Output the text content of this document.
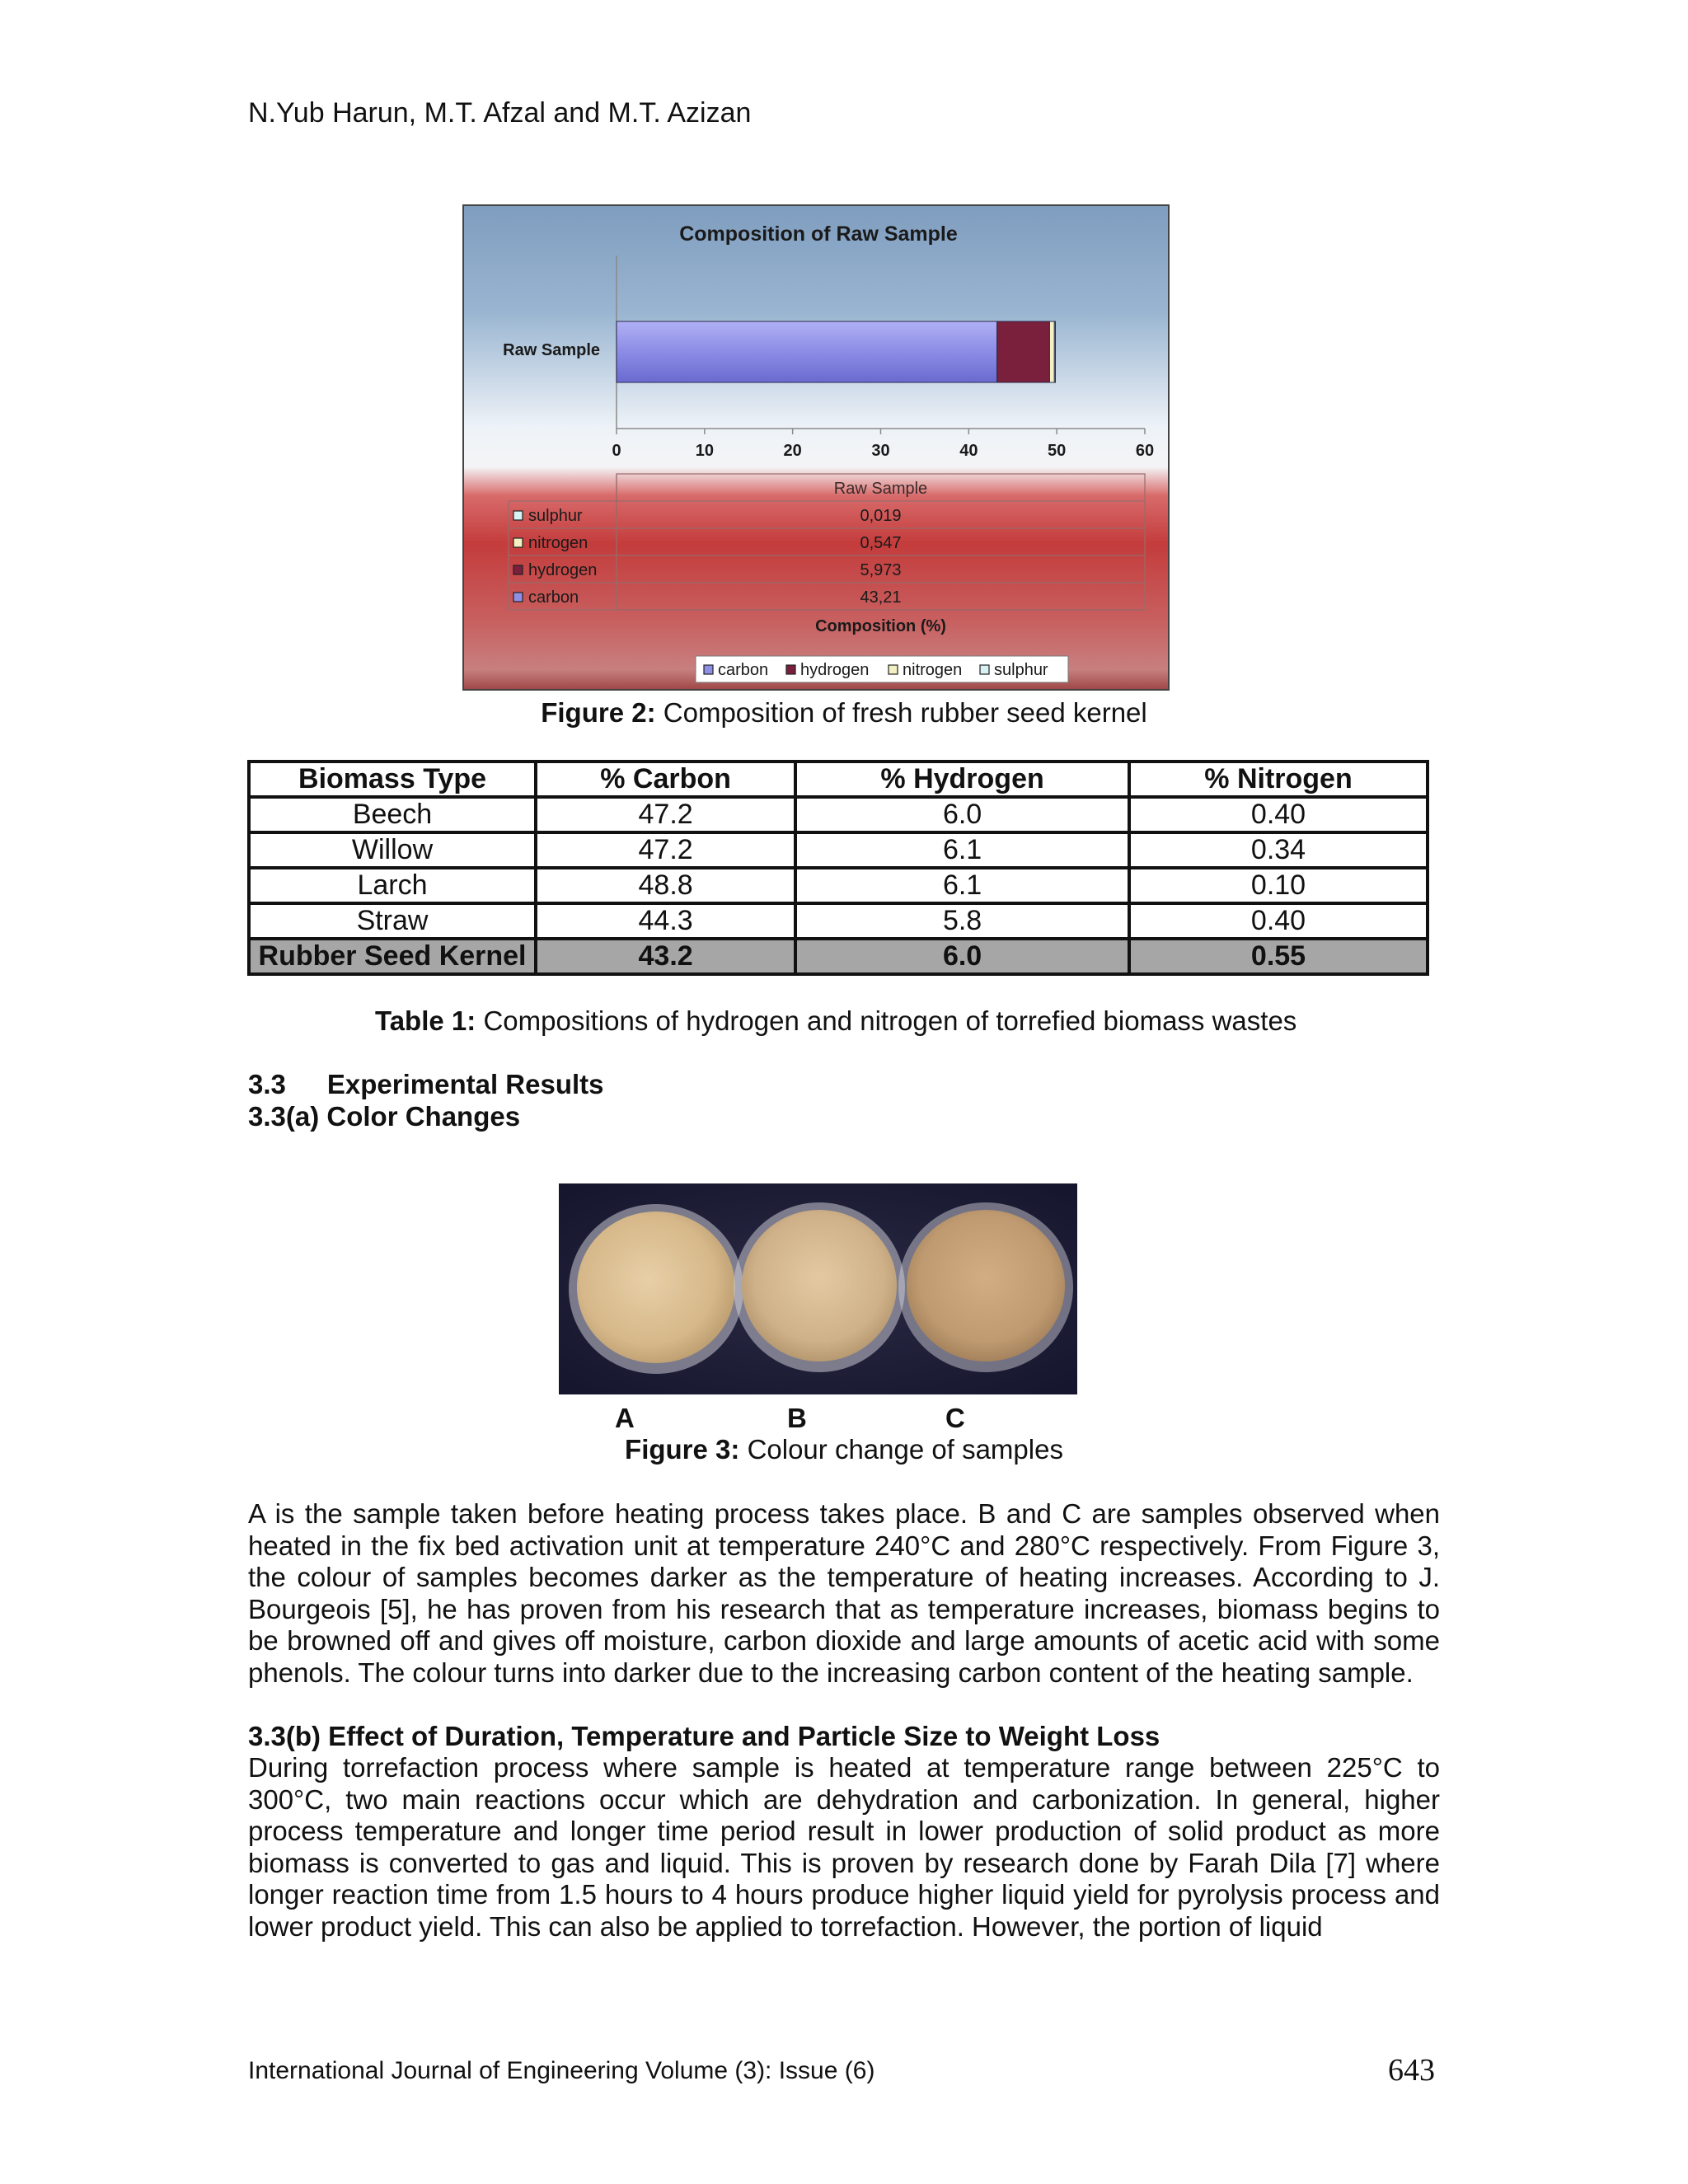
N.Yub Harun, M.T. Afzal and M.T. Azizan
Composition of Raw Sample
Raw Sample
0	10	20	30	40	50	60
Raw Sample
sulphur	0,019
nitrogen	0,547
hydrogen	5,973
carbon	43,21
Composition (%)
carbon hydrogen nitrogen sulphur
Figure 2: Composition of fresh rubber seed kernel
Biomass Type	% Carbon	% Hydrogen	% Nitrogen
Beech	47.2	6.0	0.40
Willow	47.2	6.1	0.34
Larch	48.8	6.1	0.10
Straw	44.3	5.8	0.40
Rubber Seed Kernel	43.2	6.0	0.55
Table 1: Compositions of hydrogen and nitrogen of torrefied biomass wastes
3.3 Experimental Results
3.3(a) Color Changes
A	B	C
Figure 3: Colour change of samples

A is the sample taken before heating process takes place. B and C are samples observed when heated in the fix bed activation unit at temperature 240°C and 280°C respectively. From Figure 3, the colour of samples becomes darker as the temperature of heating increases. According to J. Bourgeois [5], he has proven from his research that as temperature increases, biomass begins to be browned off and gives off moisture, carbon dioxide and large amounts of acetic acid with some phenols. The colour turns into darker due to the increasing carbon content of the heating sample.

3.3(b) Effect of Duration, Temperature and Particle Size to Weight Loss

During torrefaction process where sample is heated at temperature range between 225°C to 300°C, two main reactions occur which are dehydration and carbonization. In general, higher process temperature and longer time period result in lower production of solid product as more biomass is converted to gas and liquid. This is proven by research done by Farah Dila [7] where longer reaction time from 1.5 hours to 4 hours produce higher liquid yield for pyrolysis process and lower product yield. This can also be applied to torrefaction. However, the portion of liquid

International Journal of Engineering Volume (3): Issue (6)	643
